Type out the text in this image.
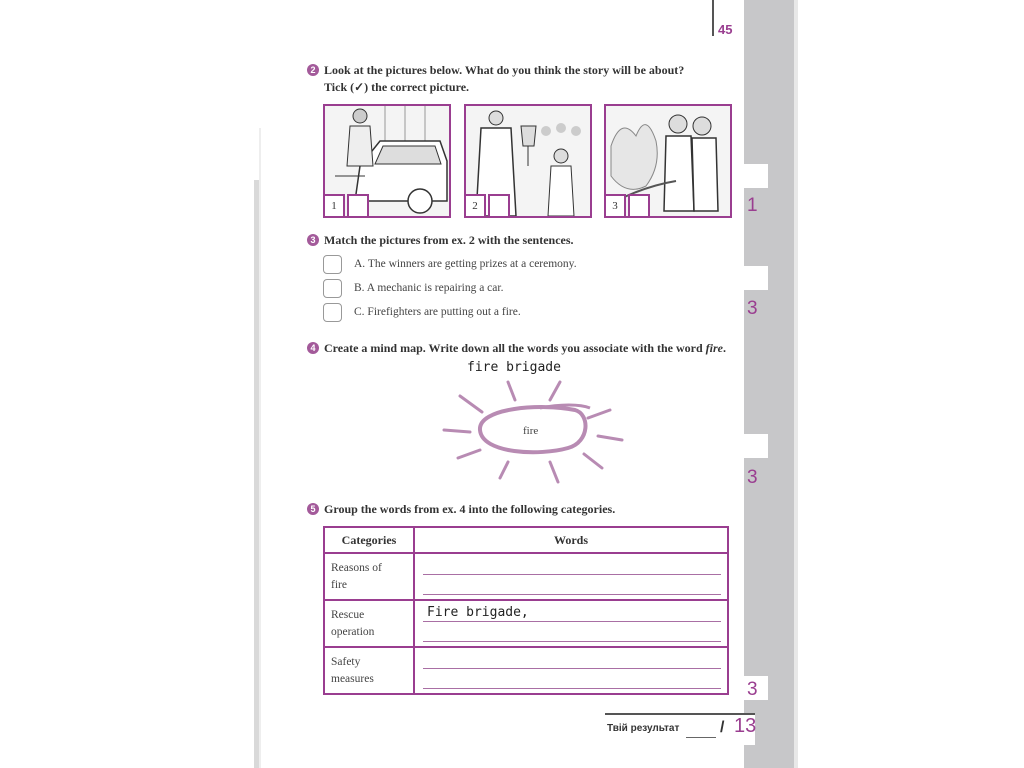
45
2 Look at the pictures below. What do you think the story will be about?
Tick (✓) the correct picture.
1	2	3	1
3 Match the pictures from ex. 2 with the sentences.
A. The winners are getting prizes at a ceremony.
B. A mechanic is repairing a car.
C. Firefighters are putting out a fire.	3
4 Create a mind map. Write down all the words you associate with the word fire.
fire brigade
fire
3
5 Group the words from ex. 4 into the following categories.
Categories	Words
Reasons of
fire	

Rescue
operation	Fire brigade,

Safety
measures	
3
Твій результат	/ 13
